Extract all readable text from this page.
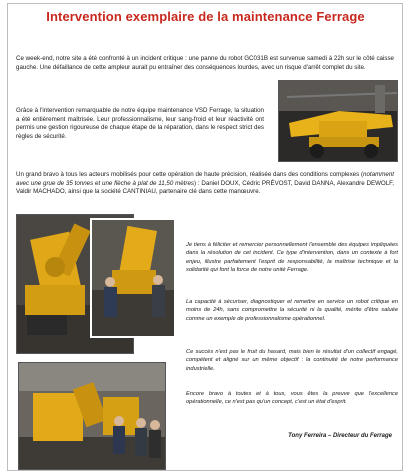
Intervention exemplaire de la maintenance Ferrage

Ce week-end, notre site a été confronté à un incident critique : une panne du robot GC031B est survenue samedi à 22h sur le côté caisse gauche. Une défaillance de cette ampleur aurait pu entraîner des conséquences lourdes, avec un risque d'arrêt complet du site.

Grâce à l'intervention remarquable de notre équipe maintenance VSD Ferrage, la situation a été entièrement maîtrisée. Leur professionnalisme, leur sang-froid et leur réactivité ont permis une gestion rigoureuse de chaque étape de la réparation, dans le respect strict des règles de sécurité.

Un grand bravo à tous les acteurs mobilisés pour cette opération de haute précision, réalisée dans des conditions complexes (notamment avec une grue de 35 tonnes et une flèche à plat de 11,50 mètres) : Daniel DOUX, Cédric PRÉVOST, David DANNA, Alexandre DEWOLF, Valdir MACHADO, ainsi que la société CANTINIAU, partenaire clé dans cette manœuvre.

Je tiens à féliciter et remercier personnellement l'ensemble des équipes impliquées dans la résolution de cet incident. Ce type d'intervention, dans un contexte à fort enjeu, illustre parfaitement l'esprit de responsabilité, la maîtrise technique et la solidarité qui font la force de notre unité Ferrage.

La capacité à sécuriser, diagnostiquer et remettre en service un robot critique en moins de 24h, sans compromettre la sécurité ni la qualité, mérite d'être saluée comme un exemple de professionnalisme opérationnel.

Ce succès n'est pas le fruit du hasard, mais bien le résultat d'un collectif engagé, compétent et aligné sur un même objectif : la continuité de notre performance industrielle.

Encore bravo à toutes et à tous, vous êtes la preuve que l'excellence opérationnelle, ce n'est pas qu'un concept, c'est un état d'esprit.

Tony Ferreira – Directeur du Ferrage
